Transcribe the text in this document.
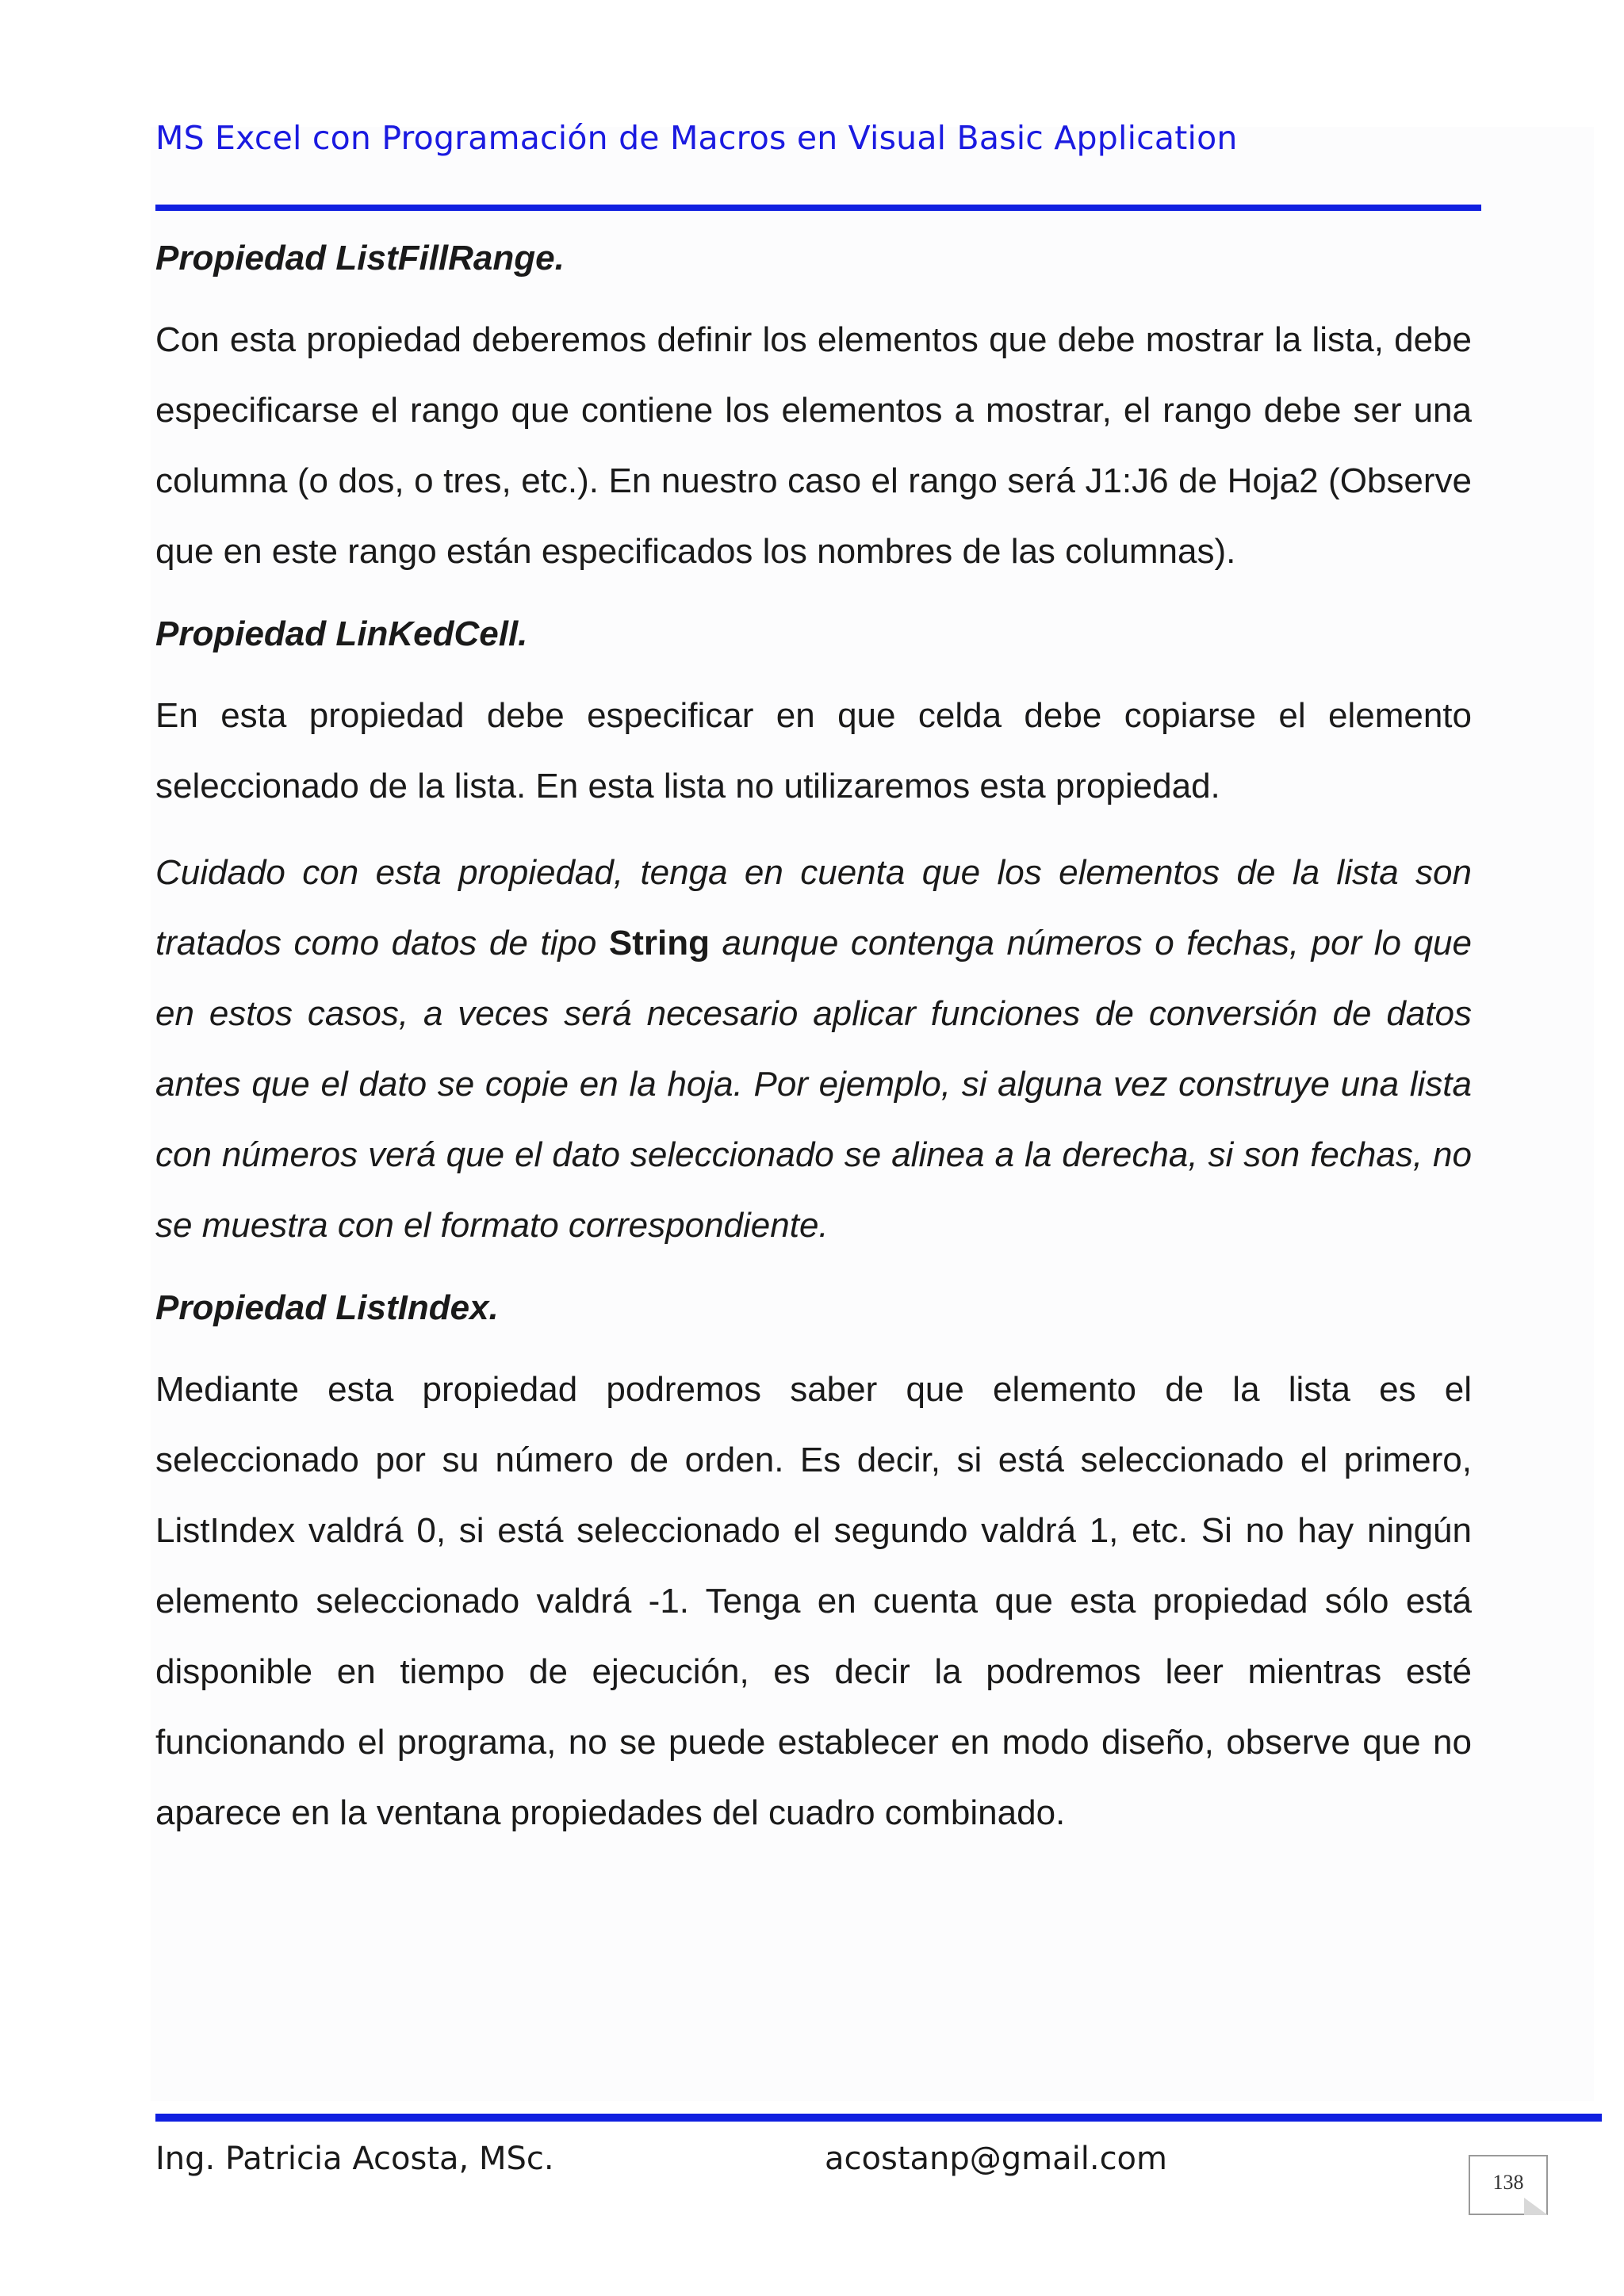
MS Excel con Programación de Macros en Visual Basic Application
Propiedad ListFillRange.

Con esta propiedad deberemos definir los elementos que debe mostrar la lista, debe especificarse el rango que contiene los elementos a mostrar, el rango debe ser una columna (o dos, o tres, etc.). En nuestro caso el rango será J1:J6 de Hoja2 (Observe que en este rango están especificados los nombres de las columnas).

Propiedad LinKedCell.

En esta propiedad debe especificar en que celda debe copiarse el elemento seleccionado de la lista. En esta lista no utilizaremos esta propiedad.

Cuidado con esta propiedad, tenga en cuenta que los elementos de la lista son tratados como datos de tipo String aunque contenga números o fechas, por lo que en estos casos, a veces será necesario aplicar funciones de conversión de datos antes que el dato se copie en la hoja. Por ejemplo, si alguna vez construye una lista con números verá que el dato seleccionado se alinea a la derecha, si son fechas, no se muestra con el formato correspondiente.

Propiedad ListIndex.

Mediante esta propiedad podremos saber que elemento de la lista es el seleccionado por su número de orden. Es decir, si está seleccionado el primero, ListIndex valdrá 0, si está seleccionado el segundo valdrá 1, etc. Si no hay ningún elemento seleccionado valdrá -1. Tenga en cuenta que esta propiedad sólo está disponible en tiempo de ejecución, es decir la podremos leer mientras esté funcionando el programa, no se puede establecer en modo diseño, observe que no aparece en la ventana propiedades del cuadro combinado.

Ing. Patricia Acosta, MSc.	acostanp@gmail.com
138
